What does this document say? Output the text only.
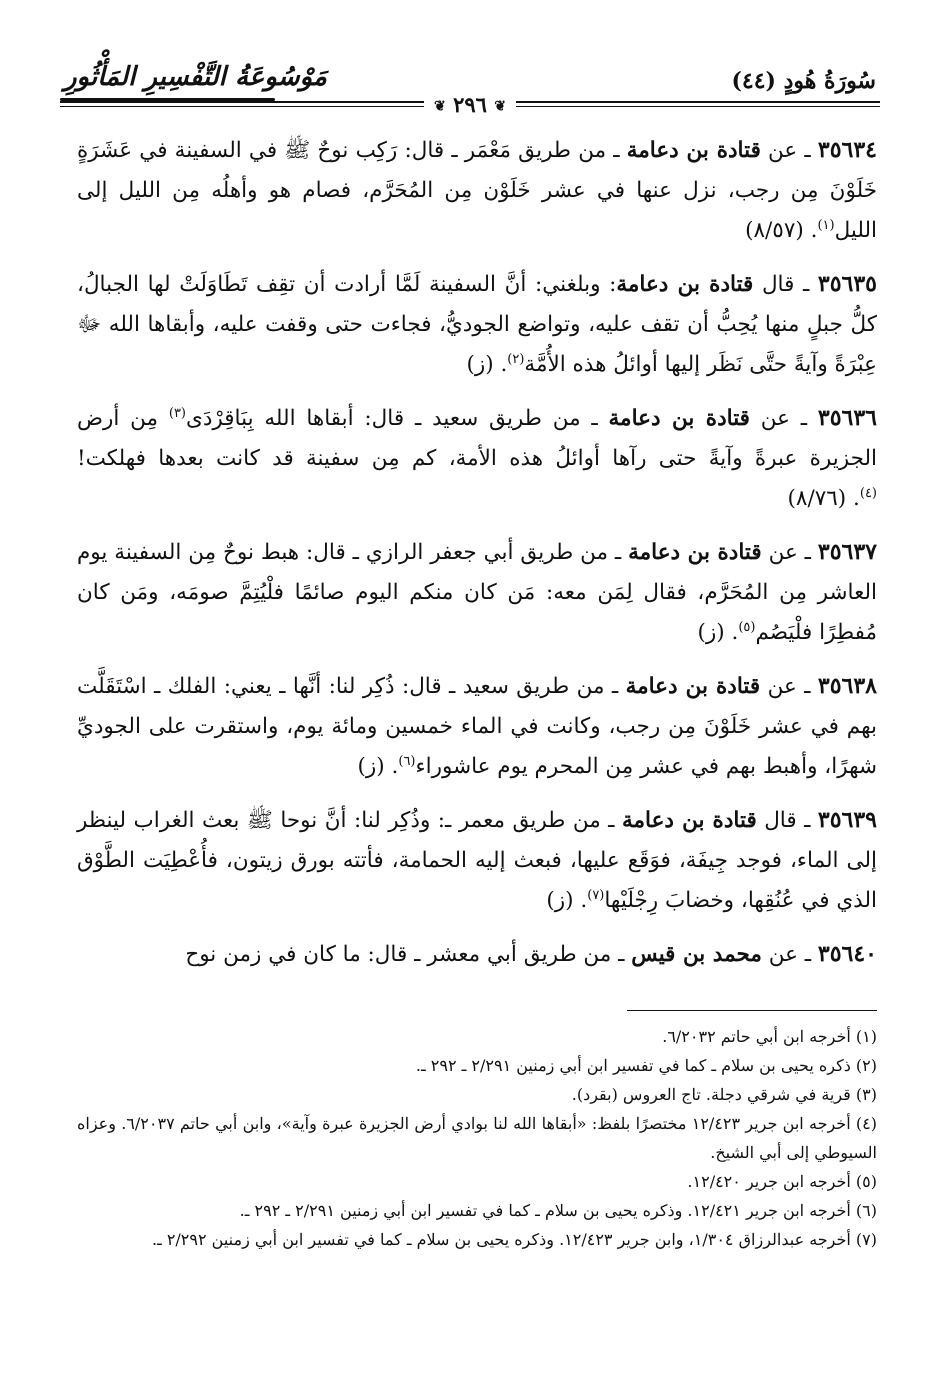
سُورَةُ هُودٍ (٤٤)
مَوْسُوعَةُ التَّفْسِيرِ المَأْثُورِ
❦ ٢٩٦ ❦

٣٥٦٣٤ ـ عن قتادة بن دعامة ـ من طريق مَعْمَر ـ قال: رَكِب نوحٌ ﷺ في السفينة في عَشَرَةٍ خَلَوْنَ مِن رجب، نزل عنها في عشر خَلَوْن مِن المُحَرَّم، فصام هو وأهلُه مِن الليل إلى الليل$^{(١)}$. (٨/٥٧)

٣٥٦٣٥ ـ قال قتادة بن دعامة: وبلغني: أنَّ السفينة لَمَّا أرادت أن تقِف تَطَاوَلَتْ لها الجبالُ، كلُّ جبلٍ منها يُحِبُّ أن تقف عليه، وتواضع الجوديُّ، فجاءت حتى وقفت عليه، وأبقاها الله ﷻ عِبْرَةً وآيةً حتَّى نَظَر إليها أوائلُ هذه الأُمَّة$^{(٢)}$. (ز)

٣٥٦٣٦ ـ عن قتادة بن دعامة ـ من طريق سعيد ـ قال: أبقاها الله بِبَاقِرْدَى$^{(٣)}$ مِن أرض الجزيرة عبرةً وآيةً حتى رآها أوائلُ هذه الأمة، كم مِن سفينة قد كانت بعدها فهلكت!$^{(٤)}$. (٨/٧٦)

٣٥٦٣٧ ـ عن قتادة بن دعامة ـ من طريق أبي جعفر الرازي ـ قال: هبط نوحٌ مِن السفينة يوم العاشر مِن المُحَرَّم، فقال لِمَن معه: مَن كان منكم اليوم صائمًا فلْيُتِمَّ صومَه، ومَن كان مُفطِرًا فلْيَصُم$^{(٥)}$. (ز)

٣٥٦٣٨ ـ عن قتادة بن دعامة ـ من طريق سعيد ـ قال: ذُكِر لنا: أنَّها ـ يعني: الفلك ـ اسْتَقَلَّت بهم في عشر خَلَوْنَ مِن رجب، وكانت في الماء خمسين ومائة يوم، واستقرت على الجوديِّ شهرًا، وأهبط بهم في عشر مِن المحرم يوم عاشوراء$^{(٦)}$. (ز)

٣٥٦٣٩ ـ قال قتادة بن دعامة ـ من طريق معمر ـ: وذُكِر لنا: أنَّ نوحا ﷺ بعث الغراب لينظر إلى الماء، فوجد جِيفَة، فوَقَع عليها، فبعث إليه الحمامة، فأتته بورق زيتون، فأُعْطِيَت الطَّوْق الذي في عُنُقِها، وخضابَ رِجْلَيْها$^{(٧)}$. (ز)

٣٥٦٤٠ ـ عن محمد بن قيس ـ من طريق أبي معشر ـ قال: ما كان في زمن نوح

(١) أخرجه ابن أبي حاتم ٦/٢٠٣٢.

(٢) ذكره يحيى بن سلام ـ كما في تفسير ابن أبي زمنين ٢/٢٩١ ـ ٢٩٢ ـ.

(٣) قرية في شرقي دجلة. تاج العروس (بقرد).

(٤) أخرجه ابن جرير ١٢/٤٢٣ مختصرًا بلفظ: «أبقاها الله لنا بوادي أرض الجزيرة عبرة وآية»، وابن أبي حاتم ٦/٢٠٣٧. وعزاه السيوطي إلى أبي الشيخ.

(٥) أخرجه ابن جرير ١٢/٤٢٠.

(٦) أخرجه ابن جرير ١٢/٤٢١. وذكره يحيى بن سلام ـ كما في تفسير ابن أبي زمنين ٢/٢٩١ ـ ٢٩٢ ـ.

(٧) أخرجه عبدالرزاق ١/٣٠٤، وابن جرير ١٢/٤٢٣. وذكره يحيى بن سلام ـ كما في تفسير ابن أبي زمنين ٢/٢٩٢ ـ.
